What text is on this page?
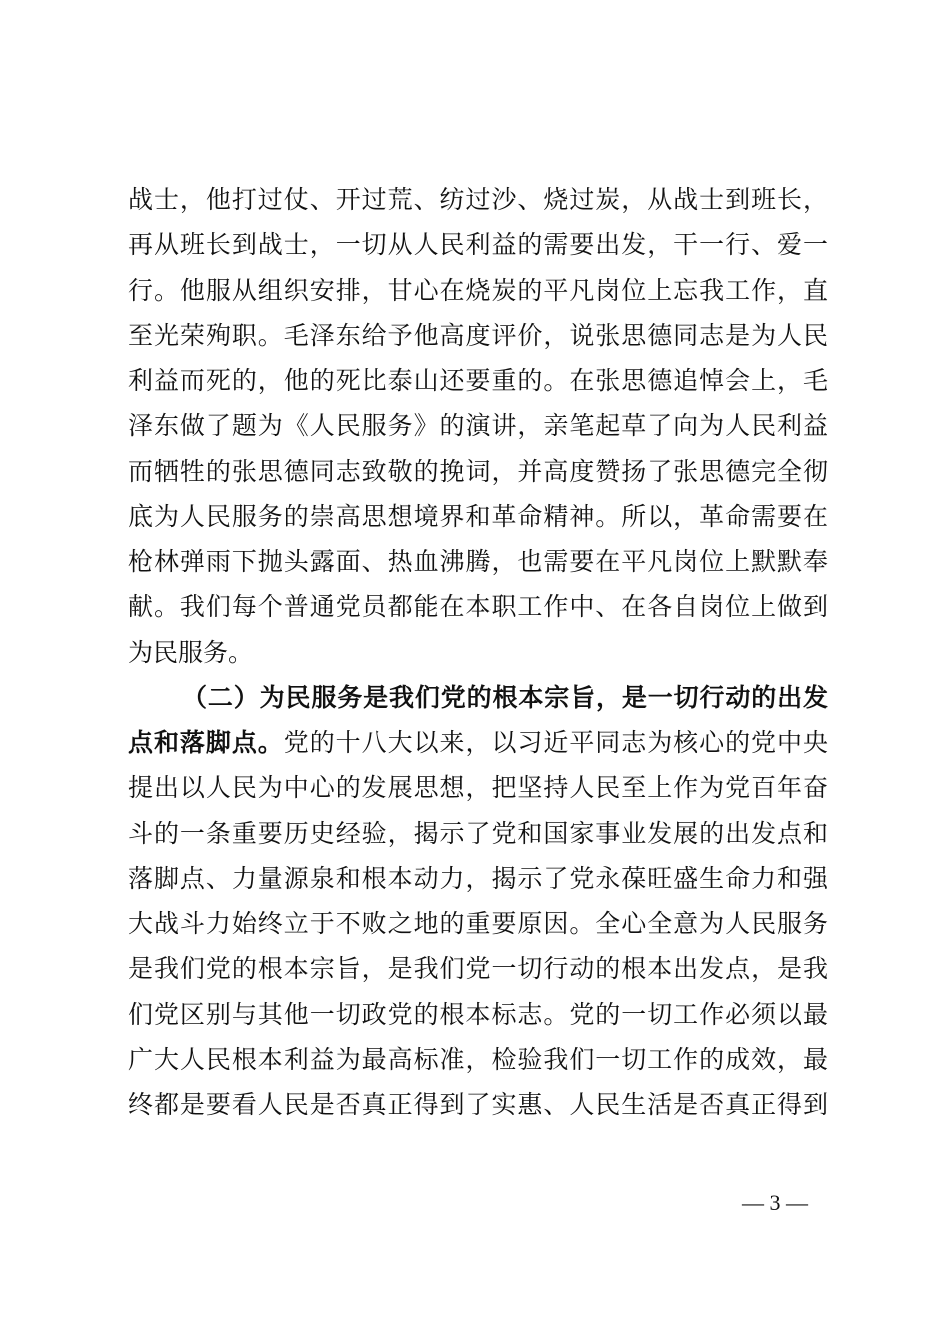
战士，他打过仗、开过荒、纺过沙、烧过炭，从战士到班长，
再从班长到战士，一切从人民利益的需要出发，干一行、爱一
行。他服从组织安排，甘心在烧炭的平凡岗位上忘我工作，直
至光荣殉职。毛泽东给予他高度评价，说张思德同志是为人民
利益而死的，他的死比泰山还要重的。在张思德追悼会上，毛
泽东做了题为《人民服务》的演讲，亲笔起草了向为人民利益
而牺牲的张思德同志致敬的挽词，并高度赞扬了张思德完全彻
底为人民服务的崇高思想境界和革命精神。所以，革命需要在
枪林弹雨下抛头露面、热血沸腾，也需要在平凡岗位上默默奉
献。我们每个普通党员都能在本职工作中、在各自岗位上做到
为民服务。
（二）为民服务是我们党的根本宗旨，是一切行动的出发
点和落脚点。党的十八大以来，以习近平同志为核心的党中央
提出以人民为中心的发展思想，把坚持人民至上作为党百年奋
斗的一条重要历史经验，揭示了党和国家事业发展的出发点和
落脚点、力量源泉和根本动力，揭示了党永葆旺盛生命力和强
大战斗力始终立于不败之地的重要原因。全心全意为人民服务
是我们党的根本宗旨，是我们党一切行动的根本出发点，是我
们党区别与其他一切政党的根本标志。党的一切工作必须以最
广大人民根本利益为最高标准，检验我们一切工作的成效，最
终都是要看人民是否真正得到了实惠、人民生活是否真正得到
— 3 —
